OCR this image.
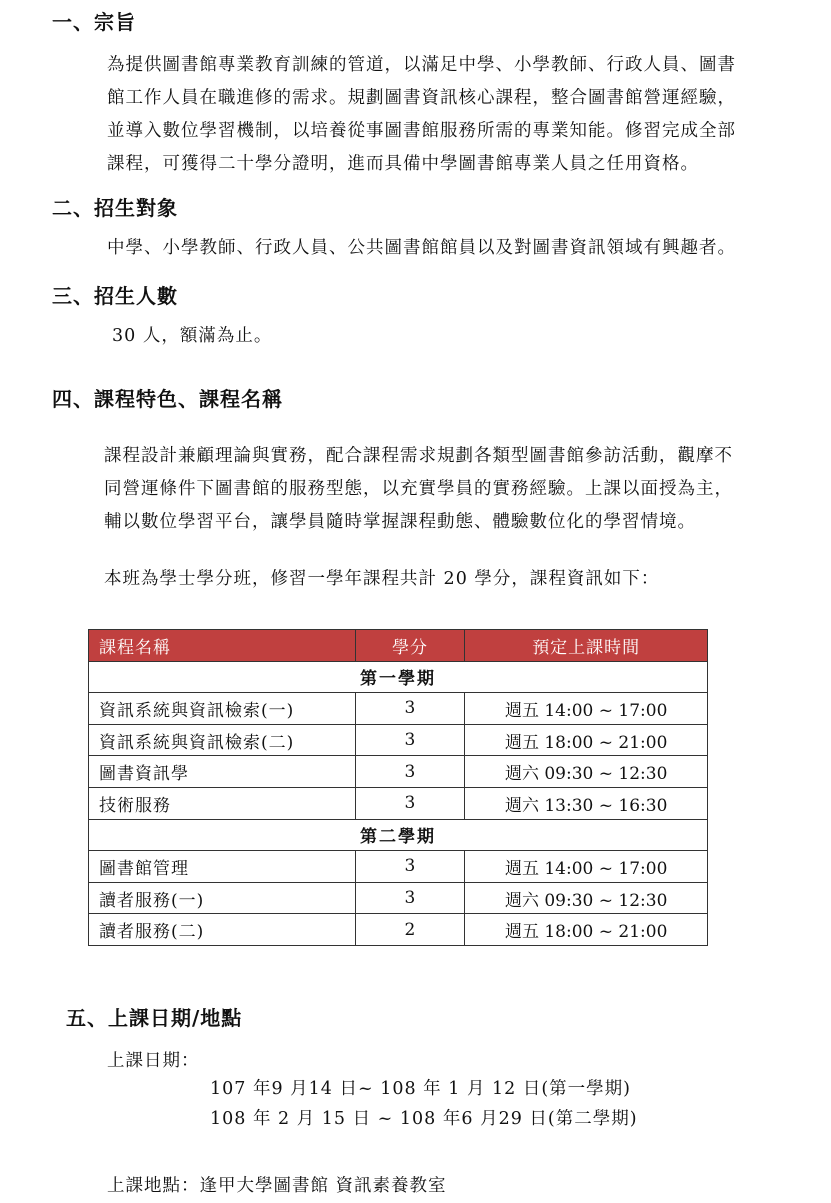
一、宗旨
為提供圖書館專業教育訓練的管道，以滿足中學、小學教師、行政人員、圖書
館工作人員在職進修的需求。規劃圖書資訊核心課程，整合圖書館營運經驗，
並導入數位學習機制，以培養從事圖書館服務所需的專業知能。修習完成全部
課程，可獲得二十學分證明，進而具備中學圖書館專業人員之任用資格。
二、招生對象
中學、小學教師、行政人員、公共圖書館館員以及對圖書資訊領域有興趣者。
三、招生人數
30 人，額滿為止。
四、課程特色、課程名稱
課程設計兼顧理論與實務，配合課程需求規劃各類型圖書館參訪活動，觀摩不
同營運條件下圖書館的服務型態，以充實學員的實務經驗。上課以面授為主，
輔以數位學習平台，讓學員隨時掌握課程動態、體驗數位化的學習情境。
本班為學士學分班，修習一學年課程共計 20 學分，課程資訊如下：
課程名稱	學分	預定上課時間
第一學期		
資訊系統與資訊檢索(一)	3	週五 14:00 ~ 17:00
資訊系統與資訊檢索(二)	3	週五 18:00 ~ 21:00
圖書資訊學	3	週六 09:30 ~ 12:30
技術服務	3	週六 13:30 ~ 16:30
第二學期		
圖書館管理	3	週五 14:00 ~ 17:00
讀者服務(一)	3	週六 09:30 ~ 12:30
讀者服務(二)	2	週五 18:00 ~ 21:00
五、上課日期/地點
上課日期：
107 年9 月14 日~ 108 年 1 月 12 日(第一學期)
108 年 2 月 15 日 ~ 108 年6 月29 日(第二學期)
上課地點：逢甲大學圖書館 資訊素養教室
